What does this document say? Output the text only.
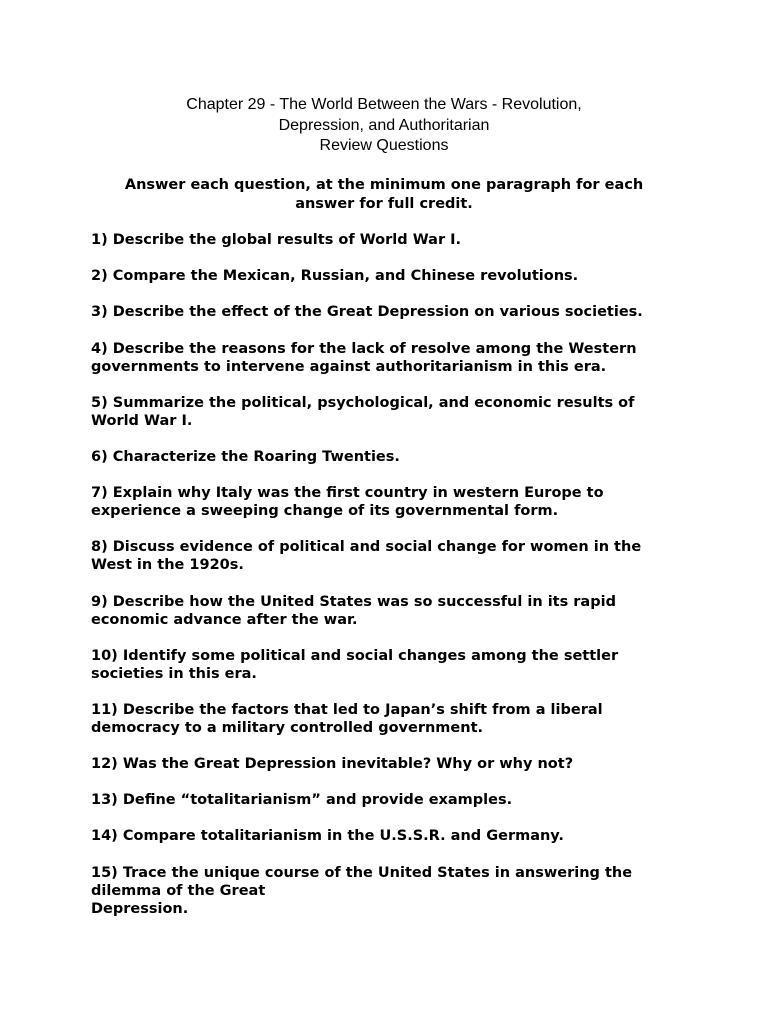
Chapter 29 - The World Between the Wars - Revolution,
Depression, and Authoritarian
Review Questions
Answer each question, at the minimum one paragraph for each
answer for full credit.
1) Describe the global results of World War I.
2) Compare the Mexican, Russian, and Chinese revolutions.
3) Describe the effect of the Great Depression on various societies.
4) Describe the reasons for the lack of resolve among the Western
governments to intervene against authoritarianism in this era.
5) Summarize the political, psychological, and economic results of
World War I.
6) Characterize the Roaring Twenties.
7) Explain why Italy was the first country in western Europe to
experience a sweeping change of its governmental form.
8) Discuss evidence of political and social change for women in the
West in the 1920s.
9) Describe how the United States was so successful in its rapid
economic advance after the war.
10) Identify some political and social changes among the settler
societies in this era.
11) Describe the factors that led to Japan’s shift from a liberal
democracy to a military controlled government.
12) Was the Great Depression inevitable? Why or why not?
13) Define “totalitarianism” and provide examples.
14) Compare totalitarianism in the U.S.S.R. and Germany.
15) Trace the unique course of the United States in answering the
dilemma of the Great
Depression.
